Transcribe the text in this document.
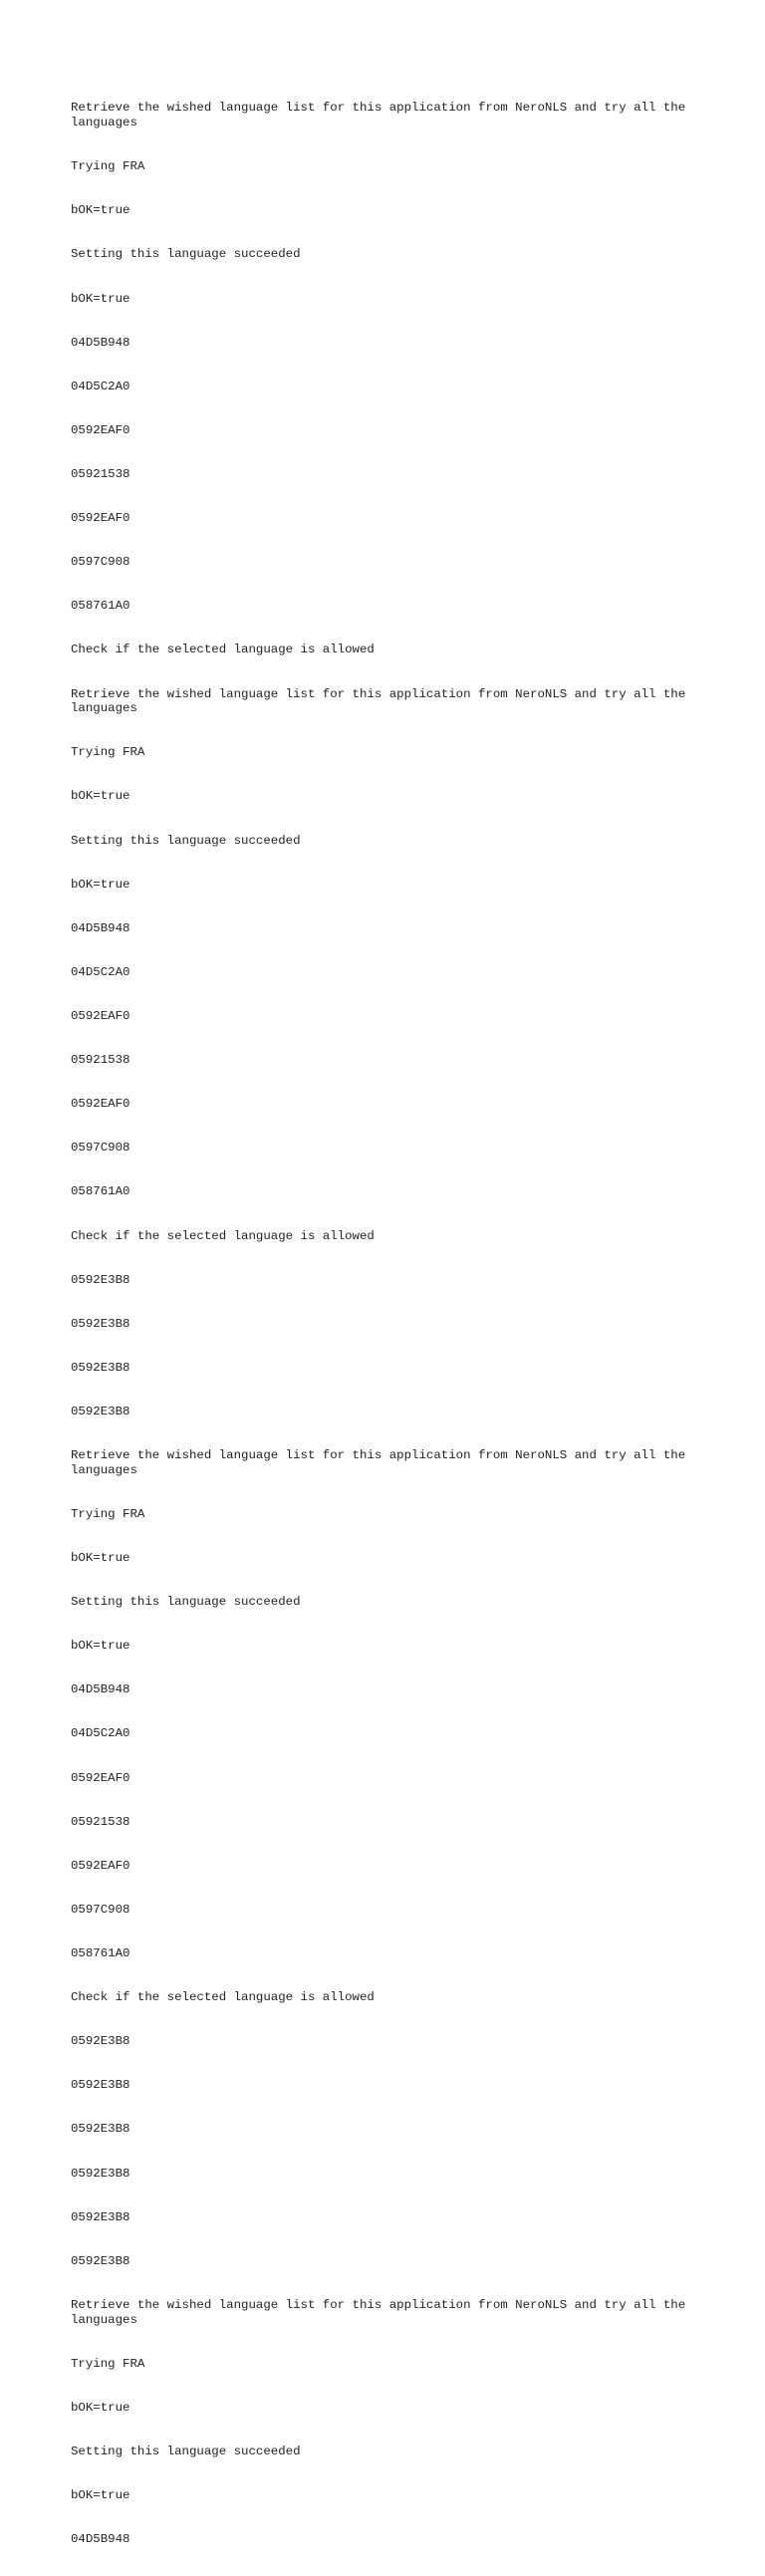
Retrieve the wished language list for this application from NeroNLS and try all the languages

Trying FRA

bOK=true

Setting this language succeeded

bOK=true

04D5B948

04D5C2A0

0592EAF0

05921538

0592EAF0

0597C908

058761A0

Check if the selected language is allowed

Retrieve the wished language list for this application from NeroNLS and try all the languages

Trying FRA

bOK=true

Setting this language succeeded

bOK=true

04D5B948

04D5C2A0

0592EAF0

05921538

0592EAF0

0597C908

058761A0

Check if the selected language is allowed

0592E3B8

0592E3B8

0592E3B8

0592E3B8

Retrieve the wished language list for this application from NeroNLS and try all the languages

Trying FRA

bOK=true

Setting this language succeeded

bOK=true

04D5B948

04D5C2A0

0592EAF0

05921538

0592EAF0

0597C908

058761A0

Check if the selected language is allowed

0592E3B8

0592E3B8

0592E3B8

0592E3B8

0592E3B8

0592E3B8

Retrieve the wished language list for this application from NeroNLS and try all the languages

Trying FRA

bOK=true

Setting this language succeeded

bOK=true

04D5B948
